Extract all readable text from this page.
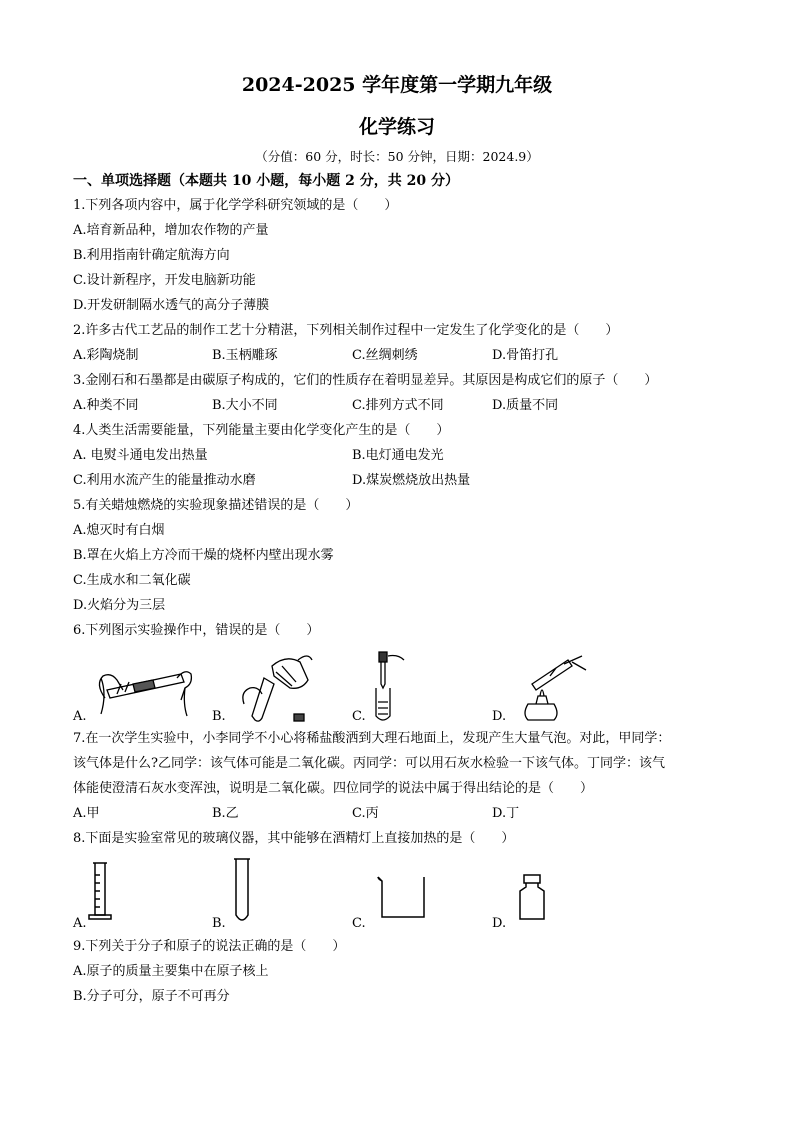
2024-2025 学年度第一学期九年级
化学练习
（分值：60 分，时长：50 分钟，日期：2024.9）
一、单项选择题（本题共 10 小题，每小题 2 分，共 20 分）
1.下列各项内容中，属于化学学科研究领域的是（　　）
A.培育新品种，增加农作物的产量
B.利用指南针确定航海方向
C.设计新程序，开发电脑新功能
D.开发研制隔水透气的高分子薄膜
2.许多古代工艺品的制作工艺十分精湛，下列相关制作过程中一定发生了化学变化的是（　　）
A.彩陶烧制	B.玉柄雕琢	C.丝绸刺绣	D.骨笛打孔
3.金刚石和石墨都是由碳原子构成的，它们的性质存在着明显差异。其原因是构成它们的原子（　　）
A.种类不同	B.大小不同	C.排列方式不同	D.质量不同
4.人类生活需要能量，下列能量主要由化学变化产生的是（　　）
A. 电熨斗通电发出热量	B.电灯通电发光
C.利用水流产生的能量推动水磨	D.煤炭燃烧放出热量
5.有关蜡烛燃烧的实验现象描述错误的是（　　）
A.熄灭时有白烟
B.罩在火焰上方冷而干燥的烧杯内壁出现水雾
C.生成水和二氧化碳
D.火焰分为三层
6.下列图示实验操作中，错误的是（　　）
A.	B.	C.	D.
7.在一次学生实验中，小李同学不小心将稀盐酸洒到大理石地面上，发现产生大量气泡。对此，甲同学：
该气体是什么?乙同学：该气体可能是二氧化碳。丙同学：可以用石灰水检验一下该气体。丁同学：该气
体能使澄清石灰水变浑浊，说明是二氧化碳。四位同学的说法中属于得出结论的是（　　）
A.甲	B.乙	C.丙	D.丁
8.下面是实验室常见的玻璃仪器，其中能够在酒精灯上直接加热的是（　　）
A.	B.	C.	D.
9.下列关于分子和原子的说法正确的是（　　）
A.原子的质量主要集中在原子核上
B.分子可分，原子不可再分
